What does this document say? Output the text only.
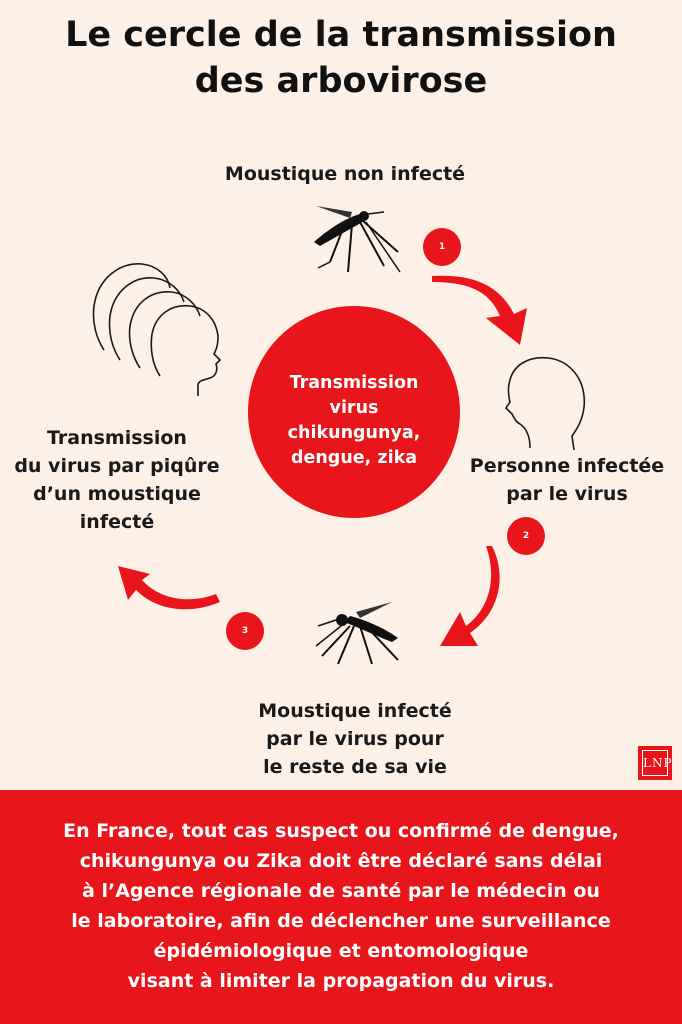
Le cercle de la transmission
des arbovirose
Moustique non infecté
1
2
3
Transmission
virus
chikungunya,
dengue, zika	Personne infectée
par le virus
Transmission
du virus par piqûre
d’un moustique
infecté
Moustique infecté
par le virus pour
le reste de sa vie	LNP
En France, tout cas suspect ou confirmé de dengue,
chikungunya ou Zika doit être déclaré sans délai
à l’Agence régionale de santé par le médecin ou
le laboratoire, afin de déclencher une surveillance
épidémiologique et entomologique
visant à limiter la propagation du virus.
